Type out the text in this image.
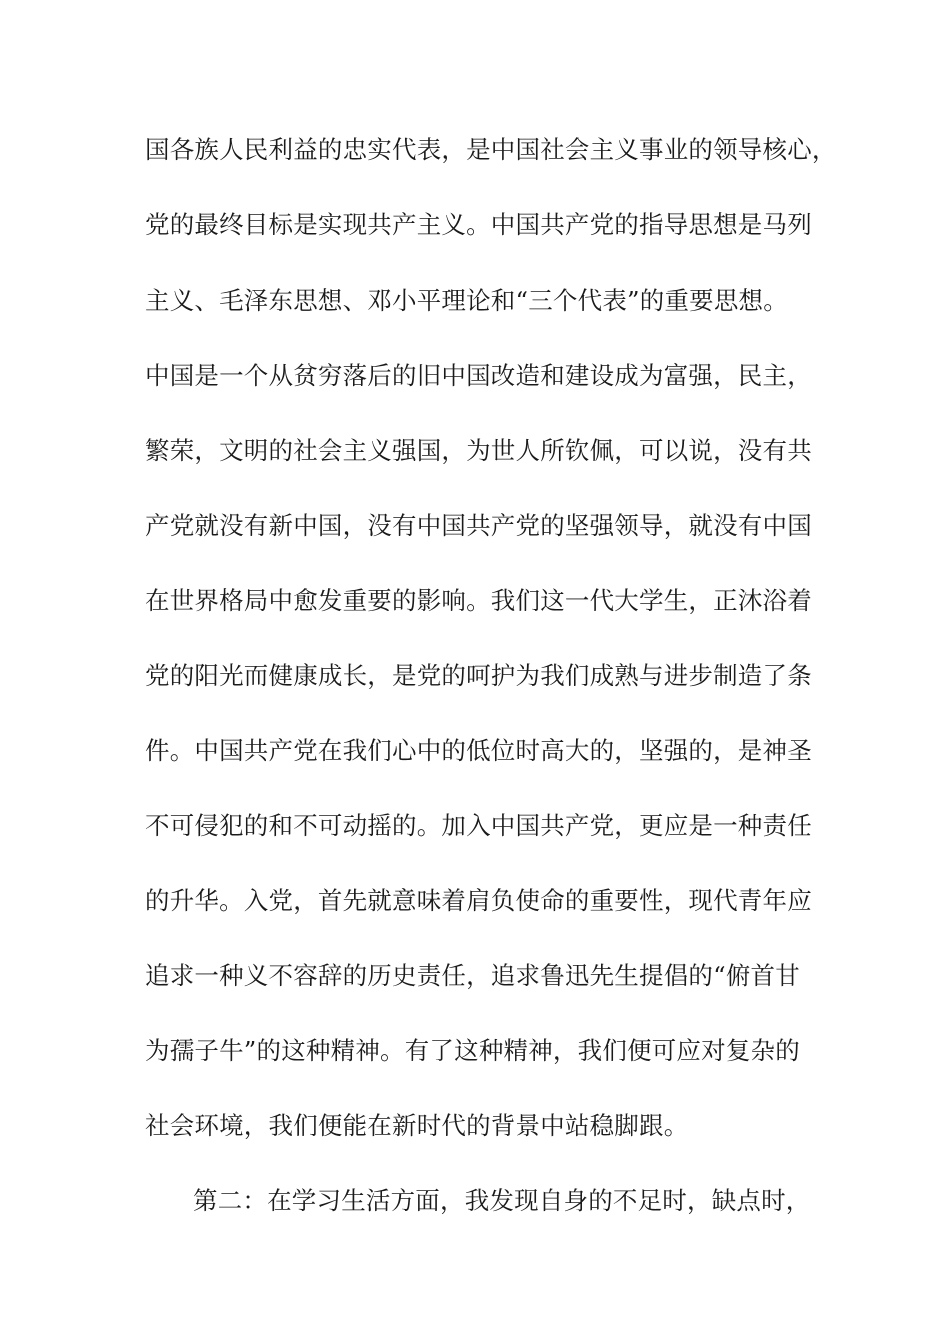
国各族人民利益的忠实代表，是中国社会主义事业的领导核心，
党的最终目标是实现共产主义。中国共产党的指导思想是马列
主义、毛泽东思想、邓小平理论和“三个代表”的重要思想。
中国是一个从贫穷落后的旧中国改造和建设成为富强，民主，
繁荣，文明的社会主义强国，为世人所钦佩，可以说，没有共
产党就没有新中国，没有中国共产党的坚强领导，就没有中国
在世界格局中愈发重要的影响。我们这一代大学生，正沐浴着
党的阳光而健康成长，是党的呵护为我们成熟与进步制造了条
件。中国共产党在我们心中的低位时高大的，坚强的，是神圣
不可侵犯的和不可动摇的。加入中国共产党，更应是一种责任
的升华。入党，首先就意味着肩负使命的重要性，现代青年应
追求一种义不容辞的历史责任，追求鲁迅先生提倡的“俯首甘
为孺子牛”的这种精神。有了这种精神，我们便可应对复杂的
社会环境，我们便能在新时代的背景中站稳脚跟。
第二：在学习生活方面，我发现自身的不足时，缺点时，
